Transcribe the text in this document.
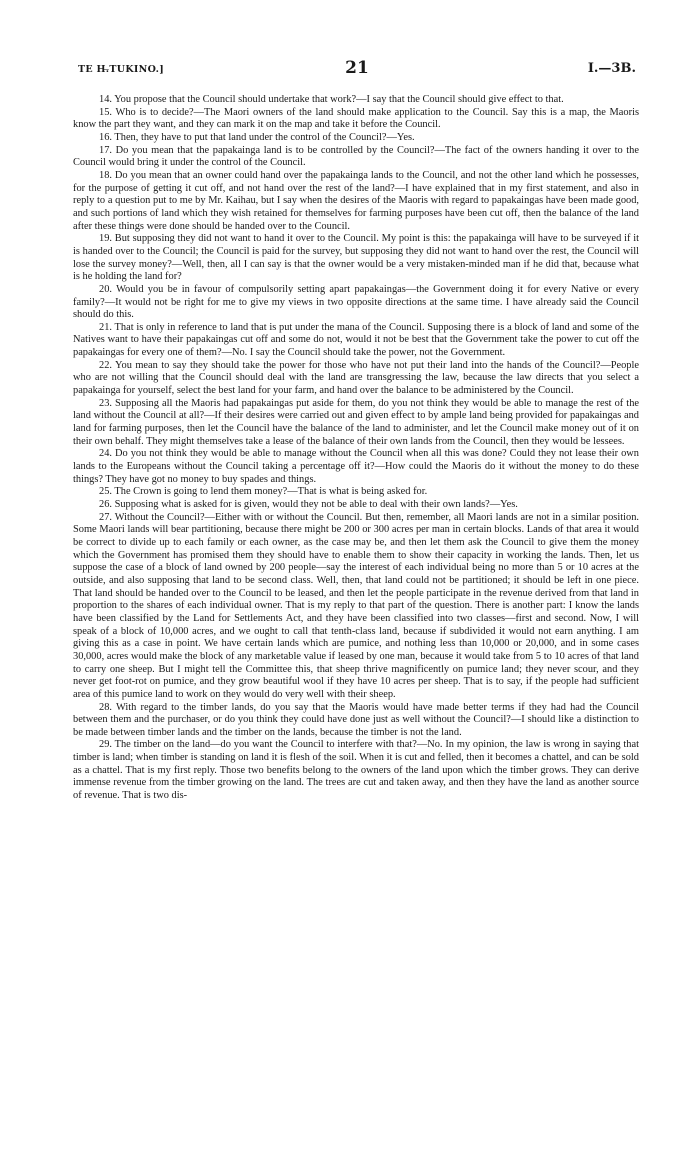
TE H.̶TUKINO.]	21	I.—3B.

14. You propose that the Council should undertake that work?—I say that the Council should give effect to that.

15. Who is to decide?—The Maori owners of the land should make application to the Council. Say this is a map, the Maoris know the part they want, and they can mark it on the map and take it before the Council.

16. Then, they have to put that land under the control of the Council?—Yes.

17. Do you mean that the papakainga land is to be controlled by the Council?—The fact of the owners handing it over to the Council would bring it under the control of the Council.

18. Do you mean that an owner could hand over the papakainga lands to the Council, and not the other land which he possesses, for the purpose of getting it cut off, and not hand over the rest of the land?—I have explained that in my first statement, and also in reply to a question put to me by Mr. Kaihau, but I say when the desires of the Maoris with regard to papakaingas have been made good, and such portions of land which they wish retained for themselves for farming purposes have been cut off, then the balance of the land after these things were done should be handed over to the Council.

19. But supposing they did not want to hand it over to the Council. My point is this: the papakainga will have to be surveyed if it is handed over to the Council; the Council is paid for the survey, but supposing they did not want to hand over the rest, the Council will lose the survey money?—Well, then, all I can say is that the owner would be a very mistaken-minded man if he did that, because what is he holding the land for?

20. Would you be in favour of compulsorily setting apart papakaingas—the Government doing it for every Native or every family?—It would not be right for me to give my views in two opposite directions at the same time. I have already said the Council should do this.

21. That is only in reference to land that is put under the mana of the Council. Supposing there is a block of land and some of the Natives want to have their papakaingas cut off and some do not, would it not be best that the Government take the power to cut off the papakaingas for every one of them?—No. I say the Council should take the power, not the Government.

22. You mean to say they should take the power for those who have not put their land into the hands of the Council?—People who are not willing that the Council should deal with the land are transgressing the law, because the law directs that you select a papakainga for yourself, select the best land for your farm, and hand over the balance to be administered by the Council.

23. Supposing all the Maoris had papakaingas put aside for them, do you not think they would be able to manage the rest of the land without the Council at all?—If their desires were carried out and given effect to by ample land being provided for papakaingas and land for farming purposes, then let the Council have the balance of the land to administer, and let the Council make money out of it on their own behalf. They might themselves take a lease of the balance of their own lands from the Council, then they would be lessees.

24. Do you not think they would be able to manage without the Council when all this was done? Could they not lease their own lands to the Europeans without the Council taking a percentage off it?—How could the Maoris do it without the money to do these things? They have got no money to buy spades and things.

25. The Crown is going to lend them money?—That is what is being asked for.

26. Supposing what is asked for is given, would they not be able to deal with their own lands?—Yes.

27. Without the Council?—Either with or without the Council. But then, remember, all Maori lands are not in a similar position. Some Maori lands will bear partitioning, because there might be 200 or 300 acres per man in certain blocks. Lands of that area it would be correct to divide up to each family or each owner, as the case may be, and then let them ask the Council to give them the money which the Government has promised them they should have to enable them to show their capacity in working the lands. Then, let us suppose the case of a block of land owned by 200 people—say the interest of each individual being no more than 5 or 10 acres at the outside, and also supposing that land to be second class. Well, then, that land could not be partitioned; it should be left in one piece. That land should be handed over to the Council to be leased, and then let the people participate in the revenue derived from that land in proportion to the shares of each individual owner. That is my reply to that part of the question. There is another part: I know the lands have been classified by the Land for Settlements Act, and they have been classified into two classes—first and second. Now, I will speak of a block of 10,000 acres, and we ought to call that tenth-class land, because if subdivided it would not earn anything. I am giving this as a case in point. We have certain lands which are pumice, and nothing less than 10,000 or 20,000, and in some cases 30,000, acres would make the block of any marketable value if leased by one man, because it would take from 5 to 10 acres of that land to carry one sheep. But I might tell the Committee this, that sheep thrive magnificently on pumice land; they never scour, and they never get foot-rot on pumice, and they grow beautiful wool if they have 10 acres per sheep. That is to say, if the people had sufficient area of this pumice land to work on they would do very well with their sheep.

28. With regard to the timber lands, do you say that the Maoris would have made better terms if they had had the Council between them and the purchaser, or do you think they could have done just as well without the Council?—I should like a distinction to be made between timber lands and the timber on the lands, because the timber is not the land.

29. The timber on the land—do you want the Council to interfere with that?—No. In my opinion, the law is wrong in saying that timber is land; when timber is standing on land it is flesh of the soil. When it is cut and felled, then it becomes a chattel, and can be sold as a chattel. That is my first reply. Those two benefits belong to the owners of the land upon which the timber grows. They can derive immense revenue from the timber growing on the land. The trees are cut and taken away, and then they have the land as another source of revenue. That is two dis-
